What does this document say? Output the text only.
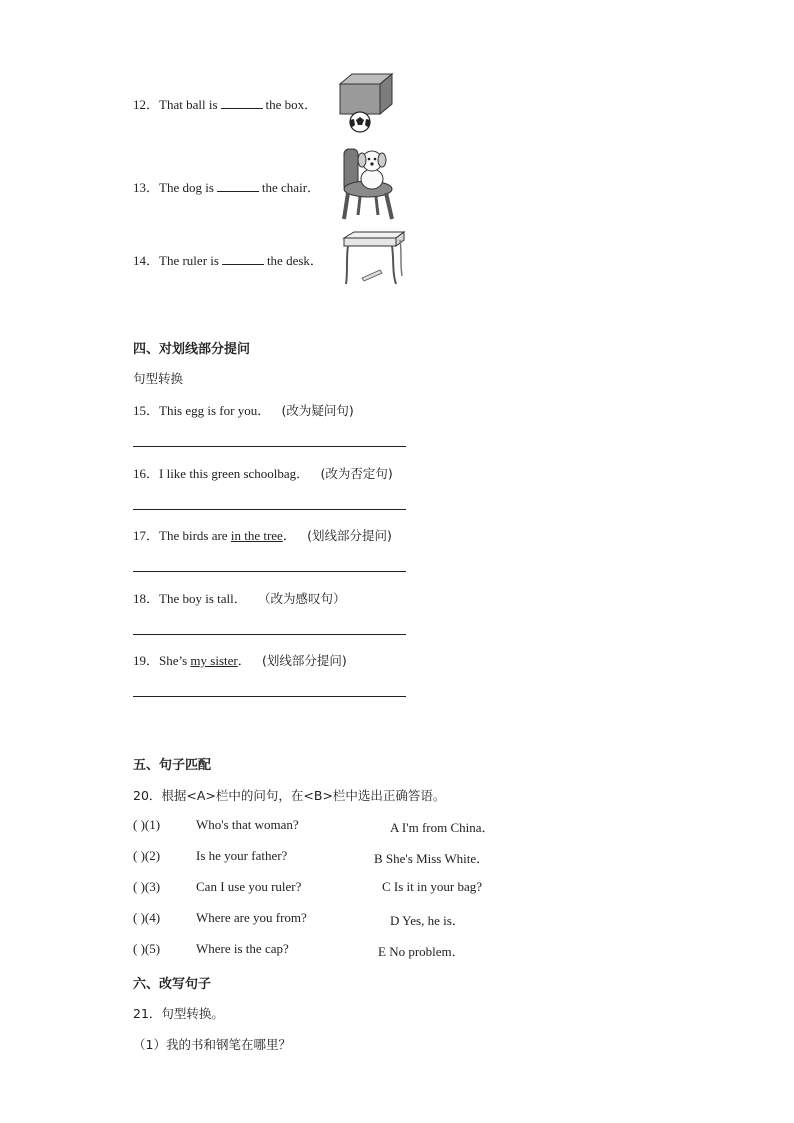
12．That ball is	the box．
13．The dog is	the chair．
14．The ruler is	the desk．
四、对划线部分提问
句型转换
15．This egg is for you． (改为疑问句)
16．I like this green schoolbag． (改为否定句)
17．The birds are in the tree． (划线部分提问)
18．The boy is tall． （改为感叹句）
19．She’s my sister． (划线部分提问)
五、句子匹配
20．根据<A>栏中的问句，在<B>栏中选出正确答语。
( )(1)	Who's that woman?	A I'm from China．
( )(2)	Is he your father?	B She's Miss White．
( )(3)	Can I use you ruler?	C Is it in your bag?
( )(4)	Where are you from?	D Yes, he is．
( )(5)	Where is the cap?	E No problem．
六、改写句子
21．句型转换。
（1）我的书和钢笔在哪里？
